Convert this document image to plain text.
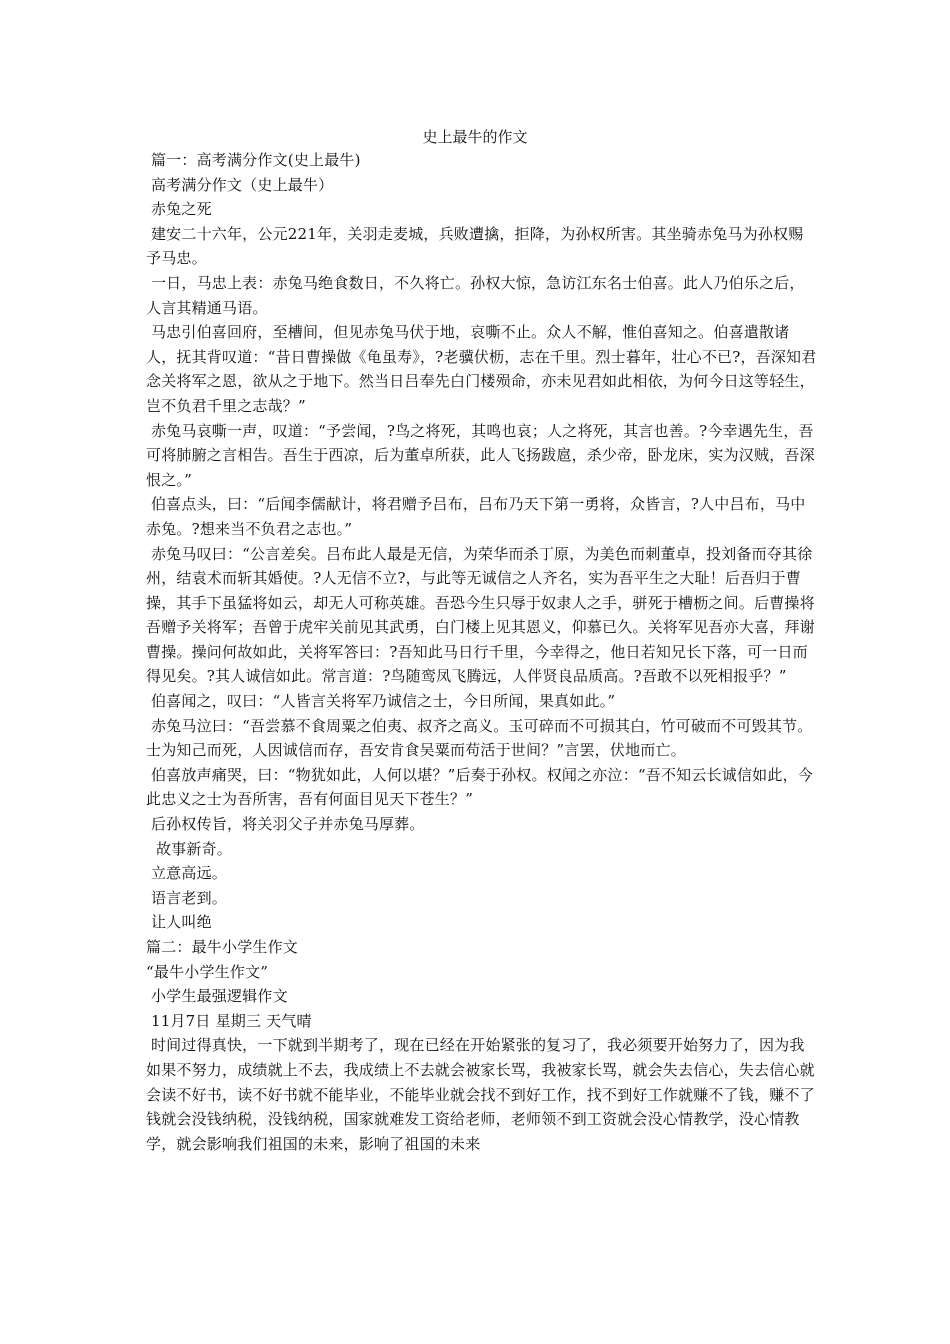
史上最牛的作文

篇一：高考满分作文(史上最牛)

高考满分作文（史上最牛）

赤兔之死

建安二十六年，公元221年，关羽走麦城，兵败遭擒，拒降，为孙权所害。其坐骑赤兔马为孙权赐予马忠。

一日，马忠上表：赤兔马绝食数日，不久将亡。孙权大惊，急访江东名士伯喜。此人乃伯乐之后，人言其精通马语。

马忠引伯喜回府，至槽间，但见赤兔马伏于地，哀嘶不止。众人不解，惟伯喜知之。伯喜遣散诸人，抚其背叹道：“昔日曹操做《龟虽寿》，?老骥伏枥，志在千里。烈士暮年，壮心不已?，吾深知君念关将军之恩，欲从之于地下。然当日吕奉先白门楼殒命，亦未见君如此相依，为何今日这等轻生，岂不负君千里之志哉？”

赤兔马哀嘶一声，叹道：“予尝闻，?鸟之将死，其鸣也哀；人之将死，其言也善。?今幸遇先生，吾可将肺腑之言相告。吾生于西凉，后为董卓所获，此人飞扬跋扈，杀少帝，卧龙床，实为汉贼，吾深恨之。”

伯喜点头，曰：“后闻李儒献计，将君赠予吕布，吕布乃天下第一勇将，众皆言，?人中吕布，马中赤兔。?想来当不负君之志也。”

赤兔马叹曰：“公言差矣。吕布此人最是无信，为荣华而杀丁原，为美色而刺董卓，投刘备而夺其徐州，结袁术而斩其婚使。?人无信不立?，与此等无诚信之人齐名，实为吾平生之大耻！后吾归于曹操，其手下虽猛将如云，却无人可称英雄。吾恐今生只辱于奴隶人之手，骈死于槽枥之间。后曹操将吾赠予关将军；吾曾于虎牢关前见其武勇，白门楼上见其恩义，仰慕已久。关将军见吾亦大喜，拜谢曹操。操问何故如此，关将军答曰：?吾知此马日行千里，今幸得之，他日若知兄长下落，可一日而得见矣。?其人诚信如此。常言道：?鸟随鸾凤飞腾远，人伴贤良品质高。?吾敢不以死相报乎？”

伯喜闻之，叹曰：“人皆言关将军乃诚信之士，今日所闻，果真如此。”

赤兔马泣曰：“吾尝慕不食周粟之伯夷、叔齐之高义。玉可碎而不可损其白，竹可破而不可毁其节。士为知己而死，人因诚信而存，吾安肯食吴粟而苟活于世间？”言罢，伏地而亡。

伯喜放声痛哭，曰：“物犹如此，人何以堪？”后奏于孙权。权闻之亦泣：“吾不知云长诚信如此，今此忠义之士为吾所害，吾有何面目见天下苍生？”

后孙权传旨，将关羽父子并赤兔马厚葬。

故事新奇。

立意高远。

语言老到。

让人叫绝

篇二：最牛小学生作文

“最牛小学生作文”

小学生最强逻辑作文

11月7日 星期三 天气晴

时间过得真快，一下就到半期考了，现在已经在开始紧张的复习了，我必须要开始努力了，因为我如果不努力，成绩就上不去，我成绩上不去就会被家长骂，我被家长骂，就会失去信心，失去信心就会读不好书，读不好书就不能毕业，不能毕业就会找不到好工作，找不到好工作就赚不了钱，赚不了钱就会没钱纳税，没钱纳税，国家就难发工资给老师，老师领不到工资就会没心情教学，没心情教学，就会影响我们祖国的未来，影响了祖国的未来
